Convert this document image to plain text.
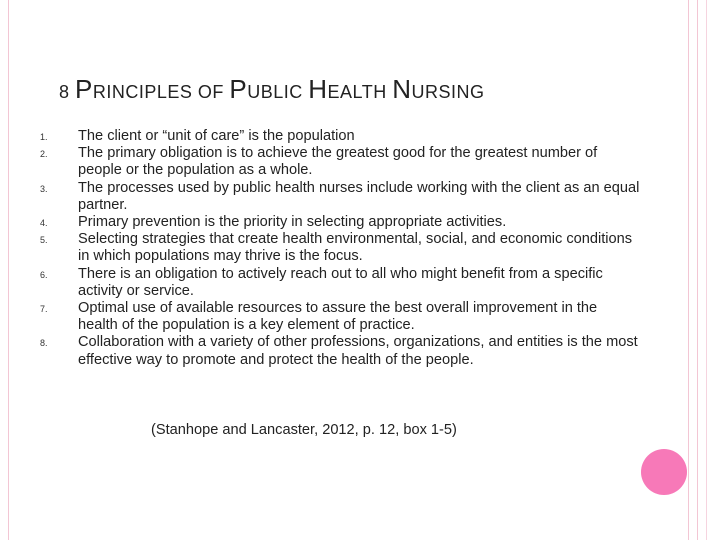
8 PRINCIPLES OF PUBLIC HEALTH NURSING
1. The client or “unit of care” is the population
2. The primary obligation is to achieve the greatest good for the greatest number of people or the population as a whole.
3. The processes used by public health nurses include working with the client as an equal partner.
4. Primary prevention is the priority in selecting appropriate activities.
5. Selecting strategies that create health environmental, social, and economic conditions in which populations may thrive is the focus.
6. There is an obligation to actively reach out to all who might benefit from a specific activity or service.
7. Optimal use of available resources to assure the best overall improvement in the health of the population is a key element of practice.
8. Collaboration with a variety of other professions, organizations, and entities is the most effective way to promote and protect the health of the people.
(Stanhope and Lancaster, 2012, p. 12, box 1-5)
